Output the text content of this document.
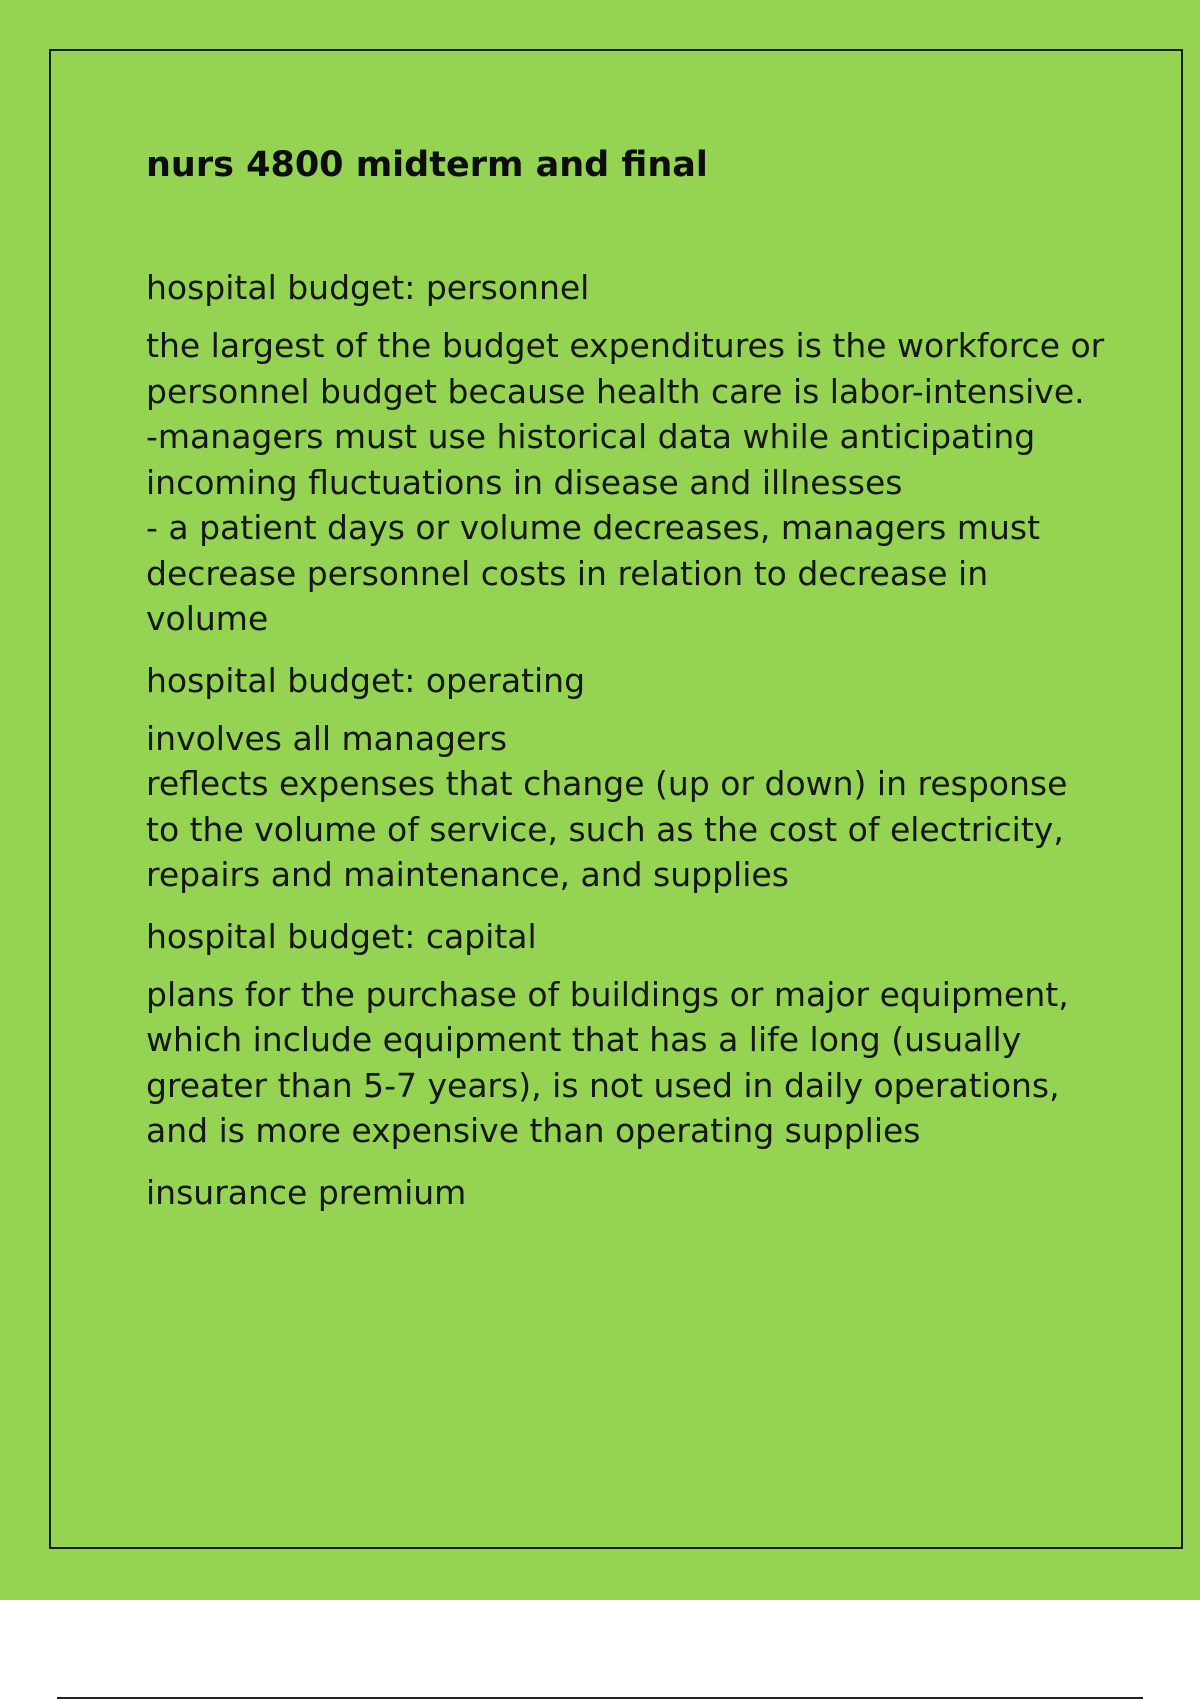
nurs 4800 midterm and final
hospital budget: personnel
the largest of the budget expenditures is the workforce or personnel budget because health care is labor-intensive.
-managers must use historical data while anticipating incoming fluctuations in disease and illnesses
- a patient days or volume decreases, managers must decrease personnel costs in relation to decrease in volume
hospital budget: operating
involves all managers
reflects expenses that change (up or down) in response to the volume of service, such as the cost of electricity, repairs and maintenance, and supplies
hospital budget: capital
plans for the purchase of buildings or major equipment, which include equipment that has a life long (usually greater than 5-7 years), is not used in daily operations, and is more expensive than operating supplies
insurance premium
